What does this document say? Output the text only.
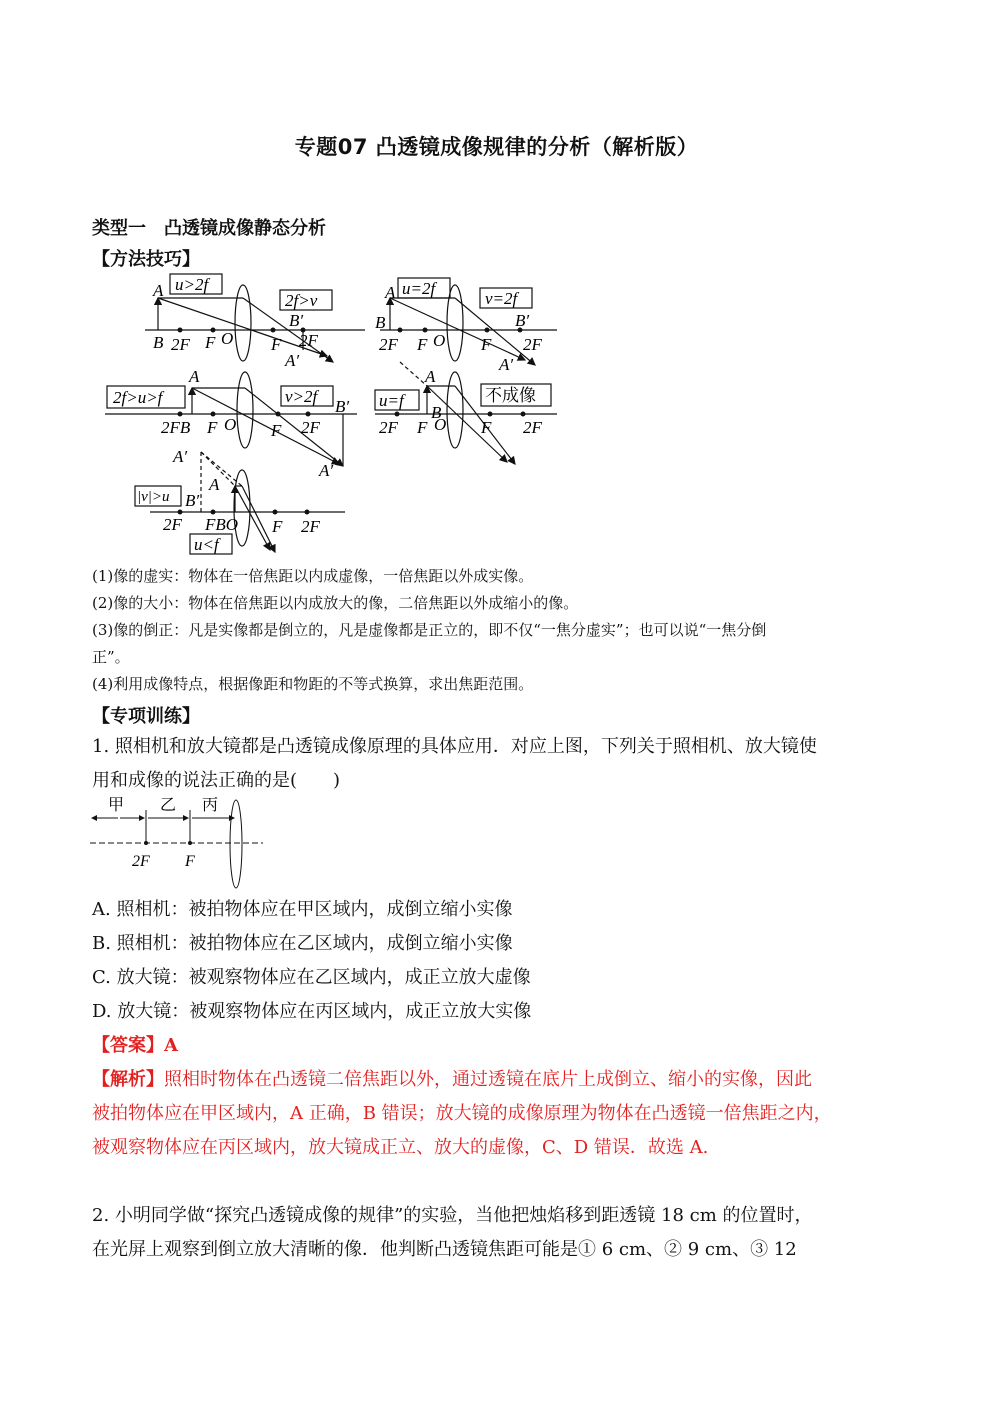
专题07 凸透镜成像规律的分析（解析版）
类型一　凸透镜成像静态分析
【方法技巧】
A u>2f
2f>v
B′
B 2F F O F 2F
A′
A u=2f
v=2f
B′
B
2F F O F 2F
A′
A
2f>u>f	v>2f
B′
2FB F O F 2F
A′
A
u=f	不成像
B
2F F O F 2F
A′
A
|v|>u B′
2F FBO F 2F
u<f
(1)像的虚实：物体在一倍焦距以内成虚像，一倍焦距以外成实像。
(2)像的大小：物体在倍焦距以内成放大的像，二倍焦距以外成缩小的像。
(3)像的倒正：凡是实像都是倒立的，凡是虚像都是正立的，即不仅“一焦分虚实”；也可以说“一焦分倒
正”。
(4)利用成像特点，根据像距和物距的不等式换算，求出焦距范围。
【专项训练】
1. 照相机和放大镜都是凸透镜成像原理的具体应用．对应上图，下列关于照相机、放大镜使
用和成像的说法正确的是(　　)
甲 乙 丙
2F F
A. 照相机：被拍物体应在甲区域内，成倒立缩小实像
B. 照相机：被拍物体应在乙区域内，成倒立缩小实像
C. 放大镜：被观察物体应在乙区域内，成正立放大虚像
D. 放大镜：被观察物体应在丙区域内，成正立放大实像
【答案】A
【解析】照相时物体在凸透镜二倍焦距以外，通过透镜在底片上成倒立、缩小的实像，因此
被拍物体应在甲区域内，A 正确，B 错误；放大镜的成像原理为物体在凸透镜一倍焦距之内，
被观察物体应在丙区域内，放大镜成正立、放大的虚像，C、D 错误．故选 A.
2. 小明同学做“探究凸透镜成像的规律”的实验，当他把烛焰移到距透镜 18 cm 的位置时，
在光屏上观察到倒立放大清晰的像．他判断凸透镜焦距可能是① 6 cm、② 9 cm、③ 12
